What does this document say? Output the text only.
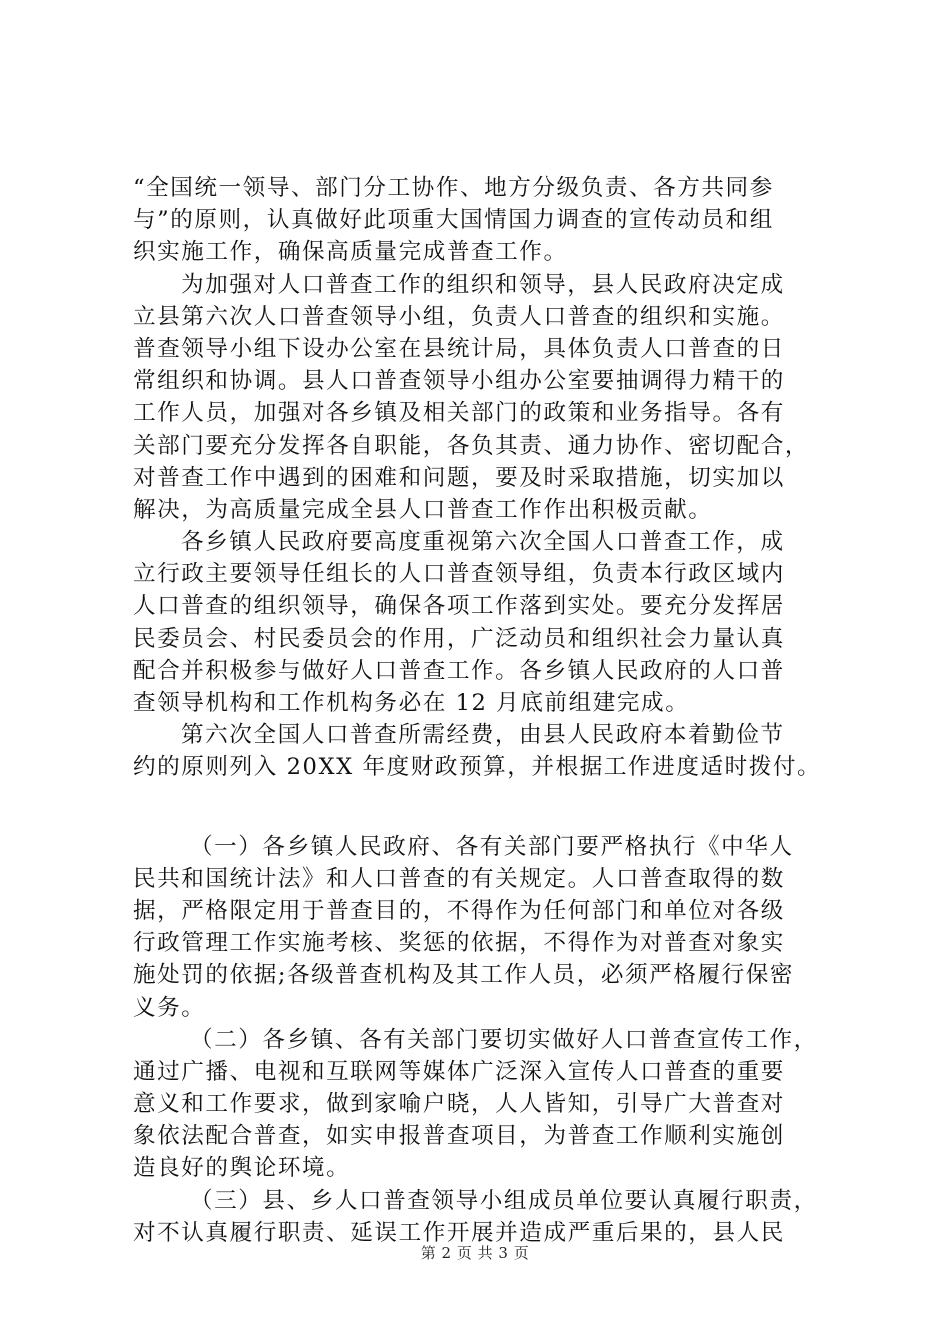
“全国统一领导、部门分工协作、地方分级负责、各方共同参
与”的原则，认真做好此项重大国情国力调查的宣传动员和组
织实施工作，确保高质量完成普查工作。
为加强对人口普查工作的组织和领导，县人民政府决定成
立县第六次人口普查领导小组，负责人口普查的组织和实施。
普查领导小组下设办公室在县统计局，具体负责人口普查的日
常组织和协调。县人口普查领导小组办公室要抽调得力精干的
工作人员，加强对各乡镇及相关部门的政策和业务指导。各有
关部门要充分发挥各自职能，各负其责、通力协作、密切配合，
对普查工作中遇到的困难和问题，要及时采取措施，切实加以
解决，为高质量完成全县人口普查工作作出积极贡献。
各乡镇人民政府要高度重视第六次全国人口普查工作，成
立行政主要领导任组长的人口普查领导组，负责本行政区域内
人口普查的组织领导，确保各项工作落到实处。要充分发挥居
民委员会、村民委员会的作用，广泛动员和组织社会力量认真
配合并积极参与做好人口普查工作。各乡镇人民政府的人口普
查领导机构和工作机构务必在 12 月底前组建完成。
第六次全国人口普查所需经费，由县人民政府本着勤俭节
约的原则列入 20XX 年度财政预算，并根据工作进度适时拨付。
（一）各乡镇人民政府、各有关部门要严格执行《中华人
民共和国统计法》和人口普查的有关规定。人口普查取得的数
据，严格限定用于普查目的，不得作为任何部门和单位对各级
行政管理工作实施考核、奖惩的依据，不得作为对普查对象实
施处罚的依据;各级普查机构及其工作人员，必须严格履行保密
义务。
（二）各乡镇、各有关部门要切实做好人口普查宣传工作，
通过广播、电视和互联网等媒体广泛深入宣传人口普查的重要
意义和工作要求，做到家喻户晓，人人皆知，引导广大普查对
象依法配合普查，如实申报普查项目，为普查工作顺利实施创
造良好的舆论环境。
（三）县、乡人口普查领导小组成员单位要认真履行职责，
对不认真履行职责、延误工作开展并造成严重后果的，县人民
第 2 页 共 3 页
